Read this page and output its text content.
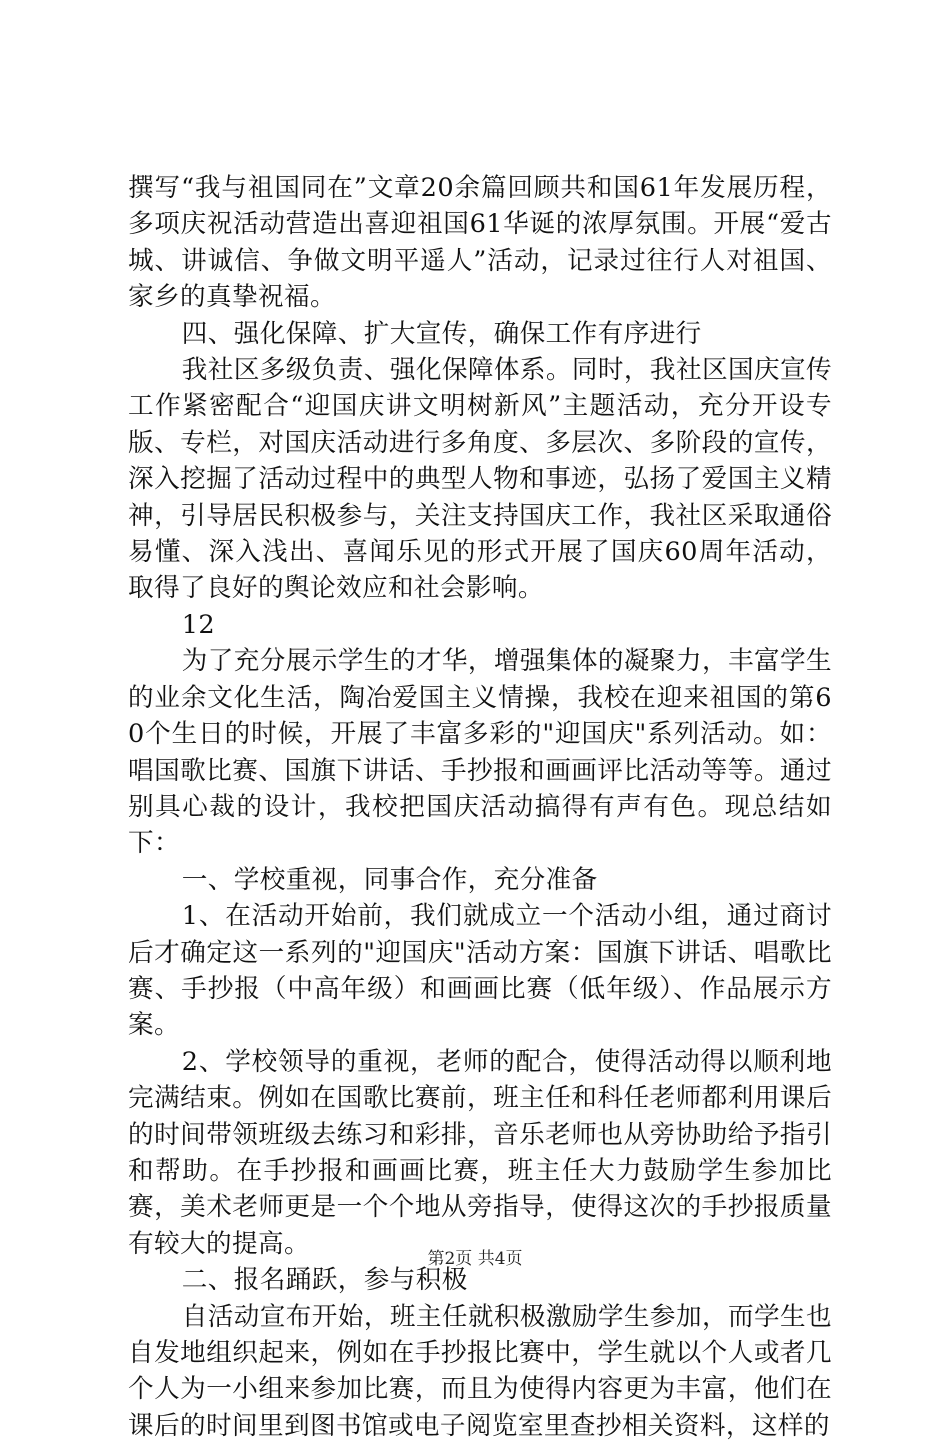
撰写“我与祖国同在”文章20余篇回顾共和国61年发展历程，多项庆祝活动营造出喜迎祖国61华诞的浓厚氛围。开展“爱古城、讲诚信、争做文明平遥人”活动，记录过往行人对祖国、家乡的真挚祝福。

四、强化保障、扩大宣传，确保工作有序进行

我社区多级负责、强化保障体系。同时，我社区国庆宣传工作紧密配合“迎国庆讲文明树新风”主题活动，充分开设专版、专栏，对国庆活动进行多角度、多层次、多阶段的宣传，深入挖掘了活动过程中的典型人物和事迹，弘扬了爱国主义精神，引导居民积极参与，关注支持国庆工作，我社区采取通俗易懂、深入浅出、喜闻乐见的形式开展了国庆60周年活动，取得了良好的舆论效应和社会影响。

12

为了充分展示学生的才华，增强集体的凝聚力，丰富学生的业余文化生活，陶冶爱国主义情操，我校在迎来祖国的第60个生日的时候，开展了丰富多彩的"迎国庆"系列活动。如：唱国歌比赛、国旗下讲话、手抄报和画画评比活动等等。通过别具心裁的设计，我校把国庆活动搞得有声有色。现总结如下：

一、学校重视，同事合作，充分准备

1、在活动开始前，我们就成立一个活动小组，通过商讨后才确定这一系列的"迎国庆"活动方案：国旗下讲话、唱歌比赛、手抄报（中高年级）和画画比赛（低年级）、作品展示方案。

2、学校领导的重视，老师的配合，使得活动得以顺利地完满结束。例如在国歌比赛前，班主任和科任老师都利用课后的时间带领班级去练习和彩排，音乐老师也从旁协助给予指引和帮助。在手抄报和画画比赛，班主任大力鼓励学生参加比赛，美术老师更是一个个地从旁指导，使得这次的手抄报质量有较大的提高。

二、报名踊跃，参与积极

自活动宣布开始，班主任就积极激励学生参加，而学生也自发地组织起来，例如在手抄报比赛中，学生就以个人或者几个人为一小组来参加比赛，而且为使得内容更为丰富，他们在课后的时间里到图书馆或电子阅览室里查抄相关资料，这样的

第2页 共4页
